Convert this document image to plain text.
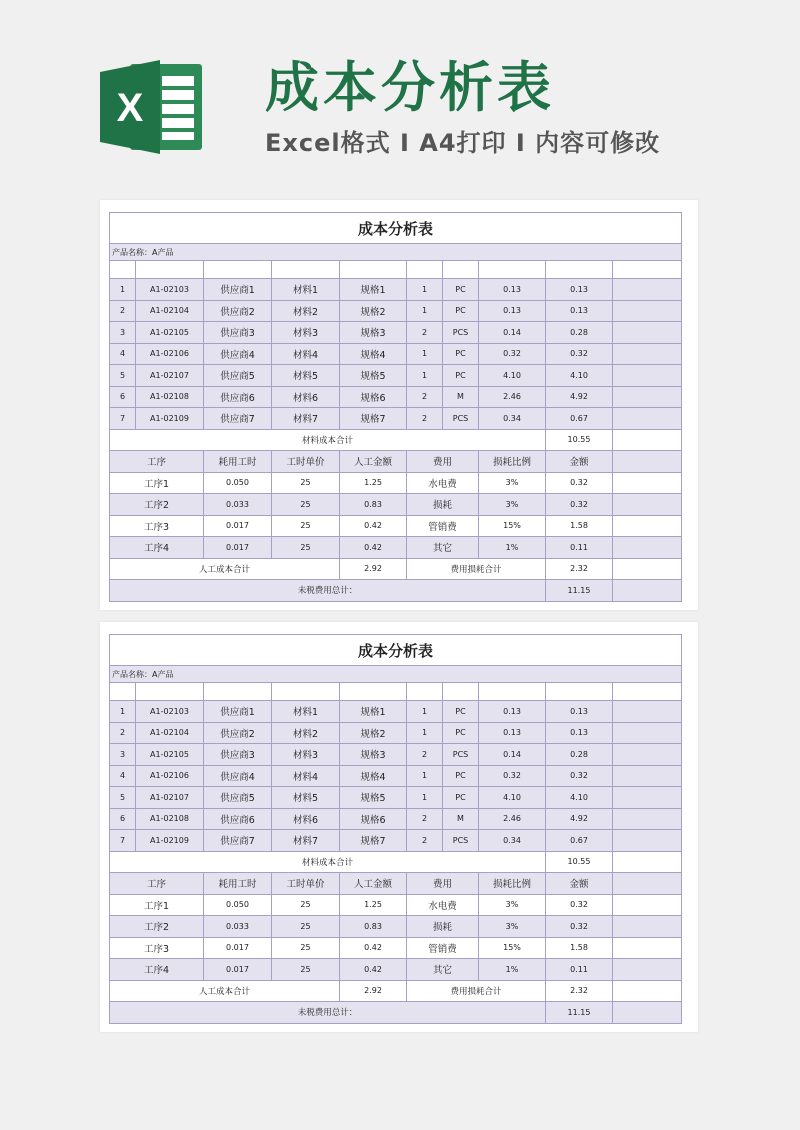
X 成本分析表
Excel格式 I A4打印 I 内容可修改
成本分析表									
产品名称：A产品									

1	A1-02103	供应商1	材料1	规格1	1	PC	0.13	0.13	
2	A1-02104	供应商2	材料2	规格2	1	PC	0.13	0.13	
3	A1-02105	供应商3	材料3	规格3	2	PCS	0.14	0.28	
4	A1-02106	供应商4	材料4	规格4	1	PC	0.32	0.32	
5	A1-02107	供应商5	材料5	规格5	1	PC	4.10	4.10	
6	A1-02108	供应商6	材料6	规格6	2	M	2.46	4.92	
7	A1-02109	供应商7	材料7	规格7	2	PCS	0.34	0.67	
材料成本合计								10.55	
工序		耗用工时	工时单价	人工金额	费用		损耗比例	金额	
工序1		0.050	25	1.25	水电费		3%	0.32	
工序2		0.033	25	0.83	损耗		3%	0.32	
工序3		0.017	25	0.42	管销费		15%	1.58	
工序4		0.017	25	0.42	其它		1%	0.11	
人工成本合计				2.92	费用损耗合计			2.32	
未税费用总计：								11.15	
成本分析表									
产品名称：A产品									

1	A1-02103	供应商1	材料1	规格1	1	PC	0.13	0.13	
2	A1-02104	供应商2	材料2	规格2	1	PC	0.13	0.13	
3	A1-02105	供应商3	材料3	规格3	2	PCS	0.14	0.28	
4	A1-02106	供应商4	材料4	规格4	1	PC	0.32	0.32	
5	A1-02107	供应商5	材料5	规格5	1	PC	4.10	4.10	
6	A1-02108	供应商6	材料6	规格6	2	M	2.46	4.92	
7	A1-02109	供应商7	材料7	规格7	2	PCS	0.34	0.67	
材料成本合计								10.55	
工序		耗用工时	工时单价	人工金额	费用		损耗比例	金额	
工序1		0.050	25	1.25	水电费		3%	0.32	
工序2		0.033	25	0.83	损耗		3%	0.32	
工序3		0.017	25	0.42	管销费		15%	1.58	
工序4		0.017	25	0.42	其它		1%	0.11	
人工成本合计				2.92	费用损耗合计			2.32	
未税费用总计：								11.15	
